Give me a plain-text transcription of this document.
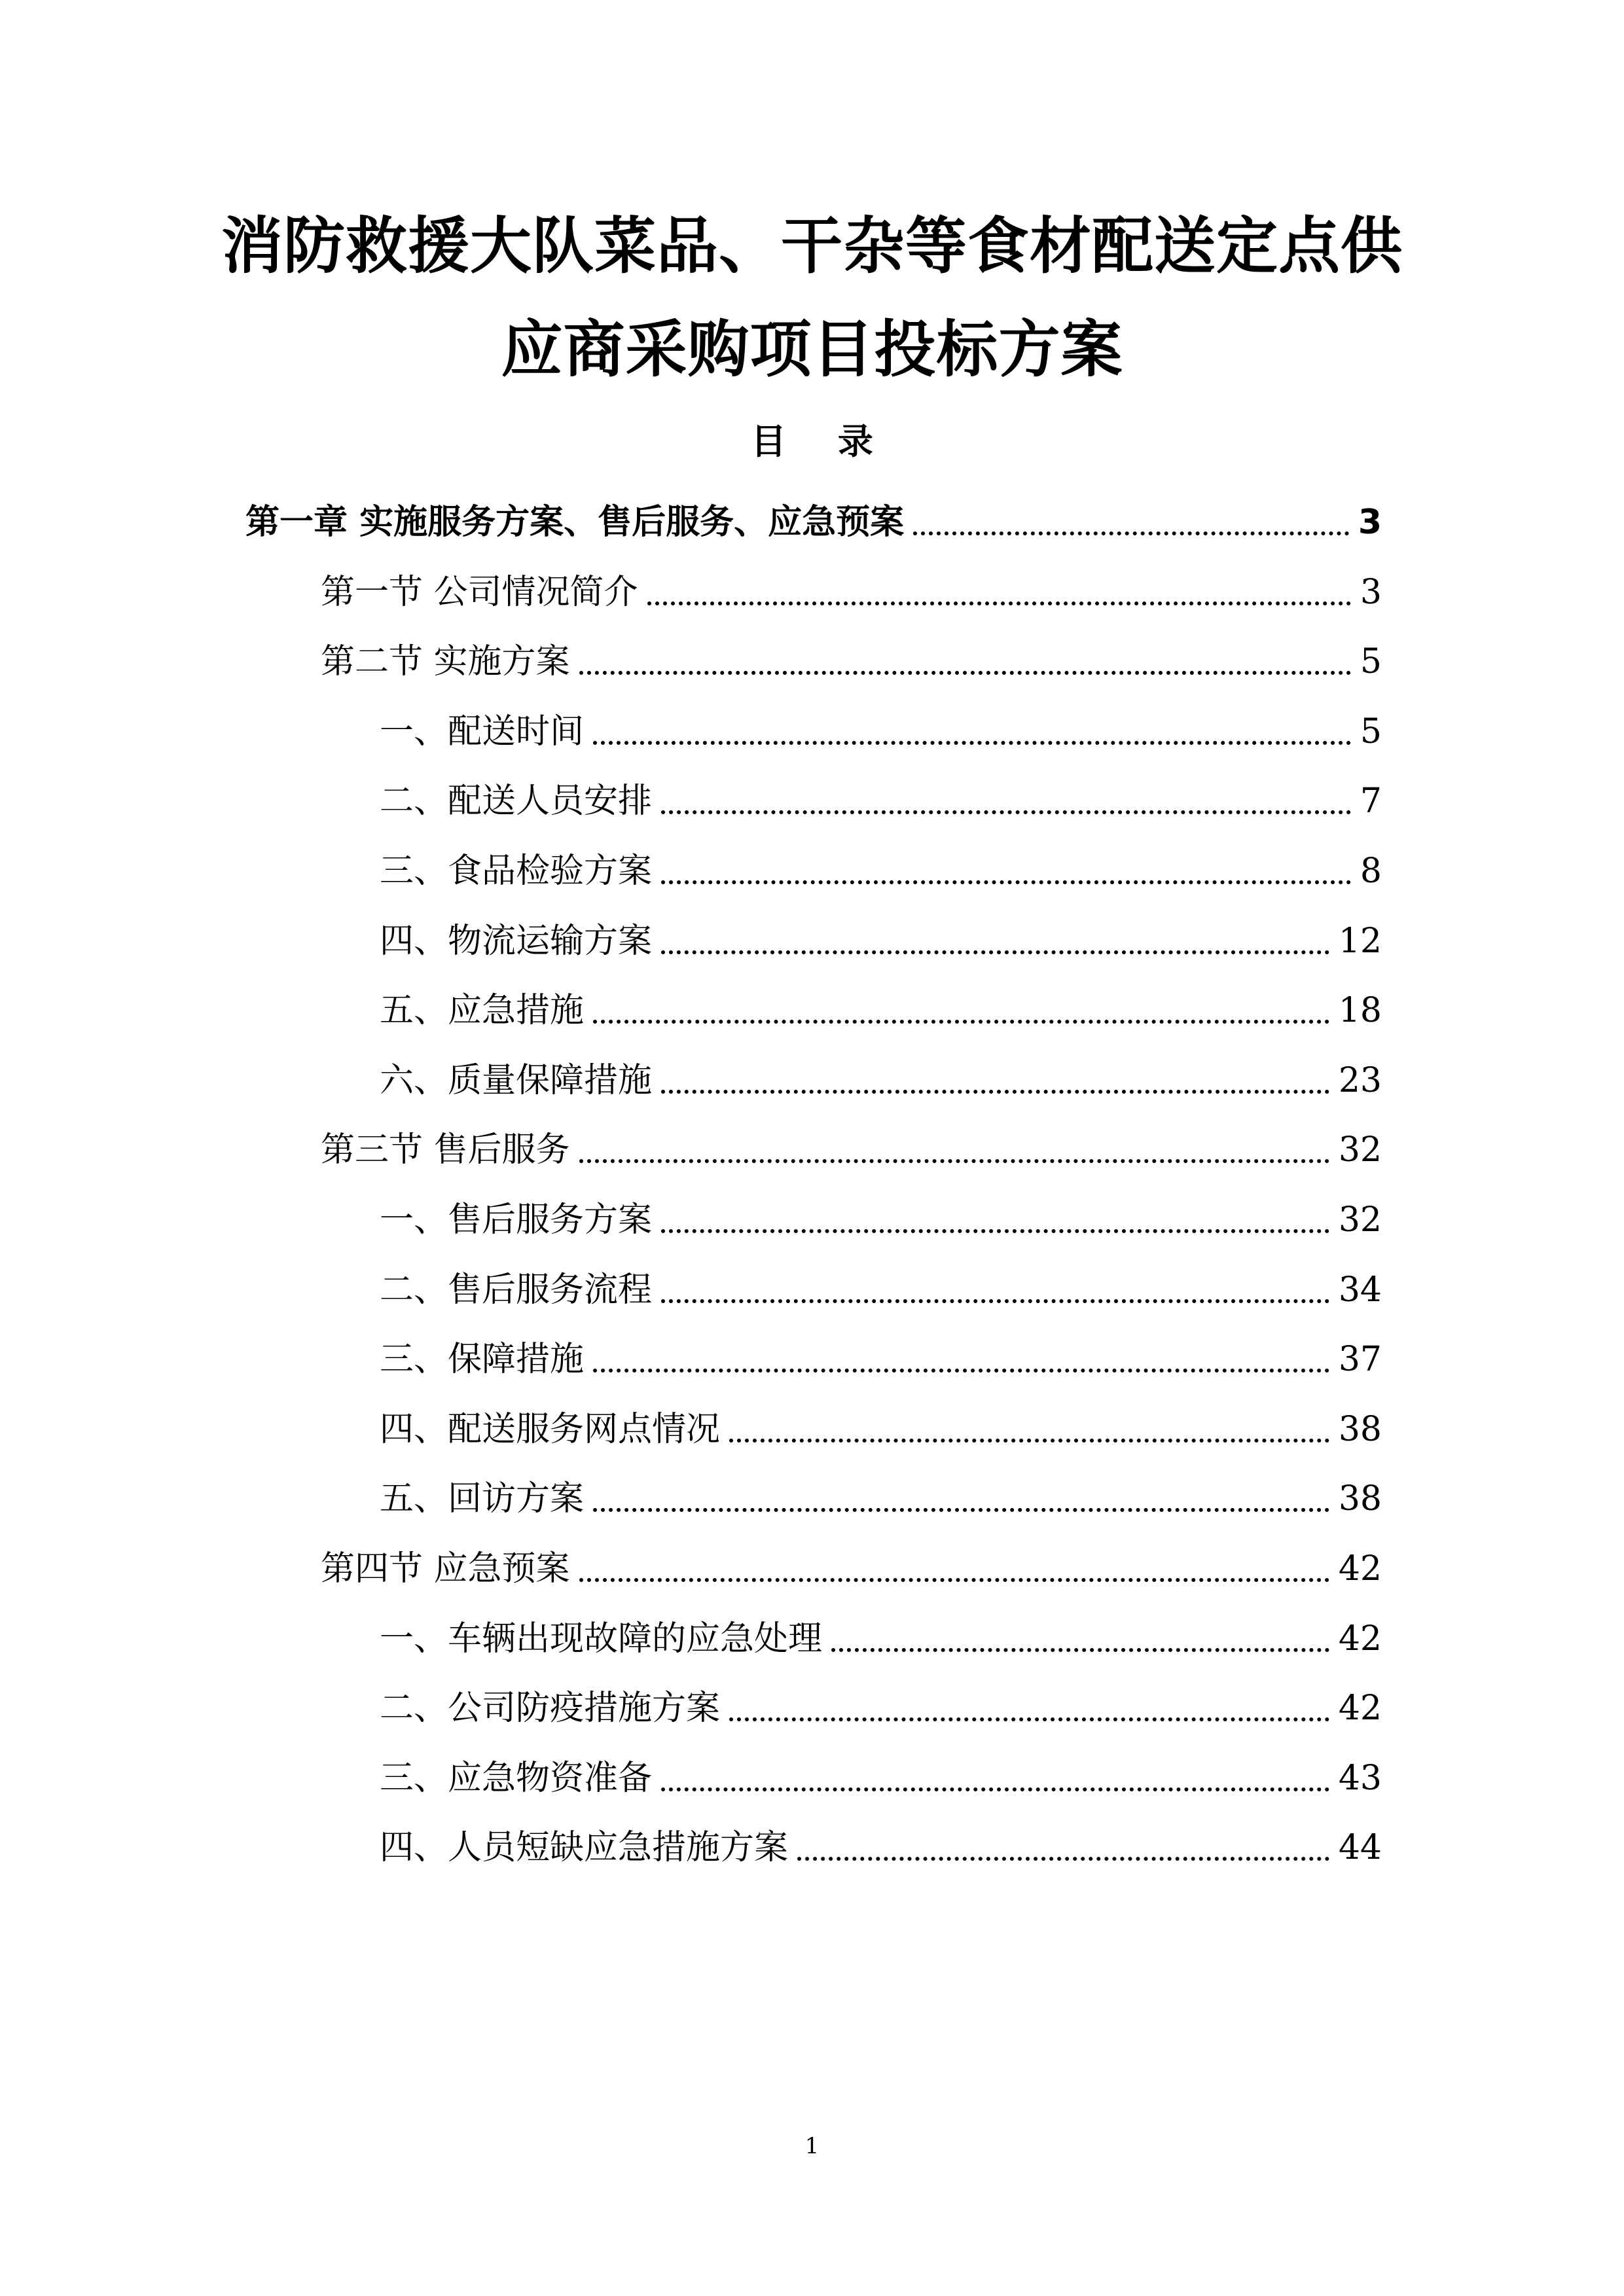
消防救援大队菜品、干杂等食材配送定点供
应商采购项目投标方案
目 录
第一章 实施服务方案、售后服务、应急预案	3
第一节 公司情况简介	3
第二节 实施方案	5
一、配送时间	5
二、配送人员安排	7
三、食品检验方案	8
四、物流运输方案	12
五、应急措施	18
六、质量保障措施	23
第三节 售后服务	32
一、售后服务方案	32
二、售后服务流程	34
三、保障措施	37
四、配送服务网点情况	38
五、回访方案	38
第四节 应急预案	42
一、车辆出现故障的应急处理	42
二、公司防疫措施方案	42
三、应急物资准备	43
四、人员短缺应急措施方案	44
1
